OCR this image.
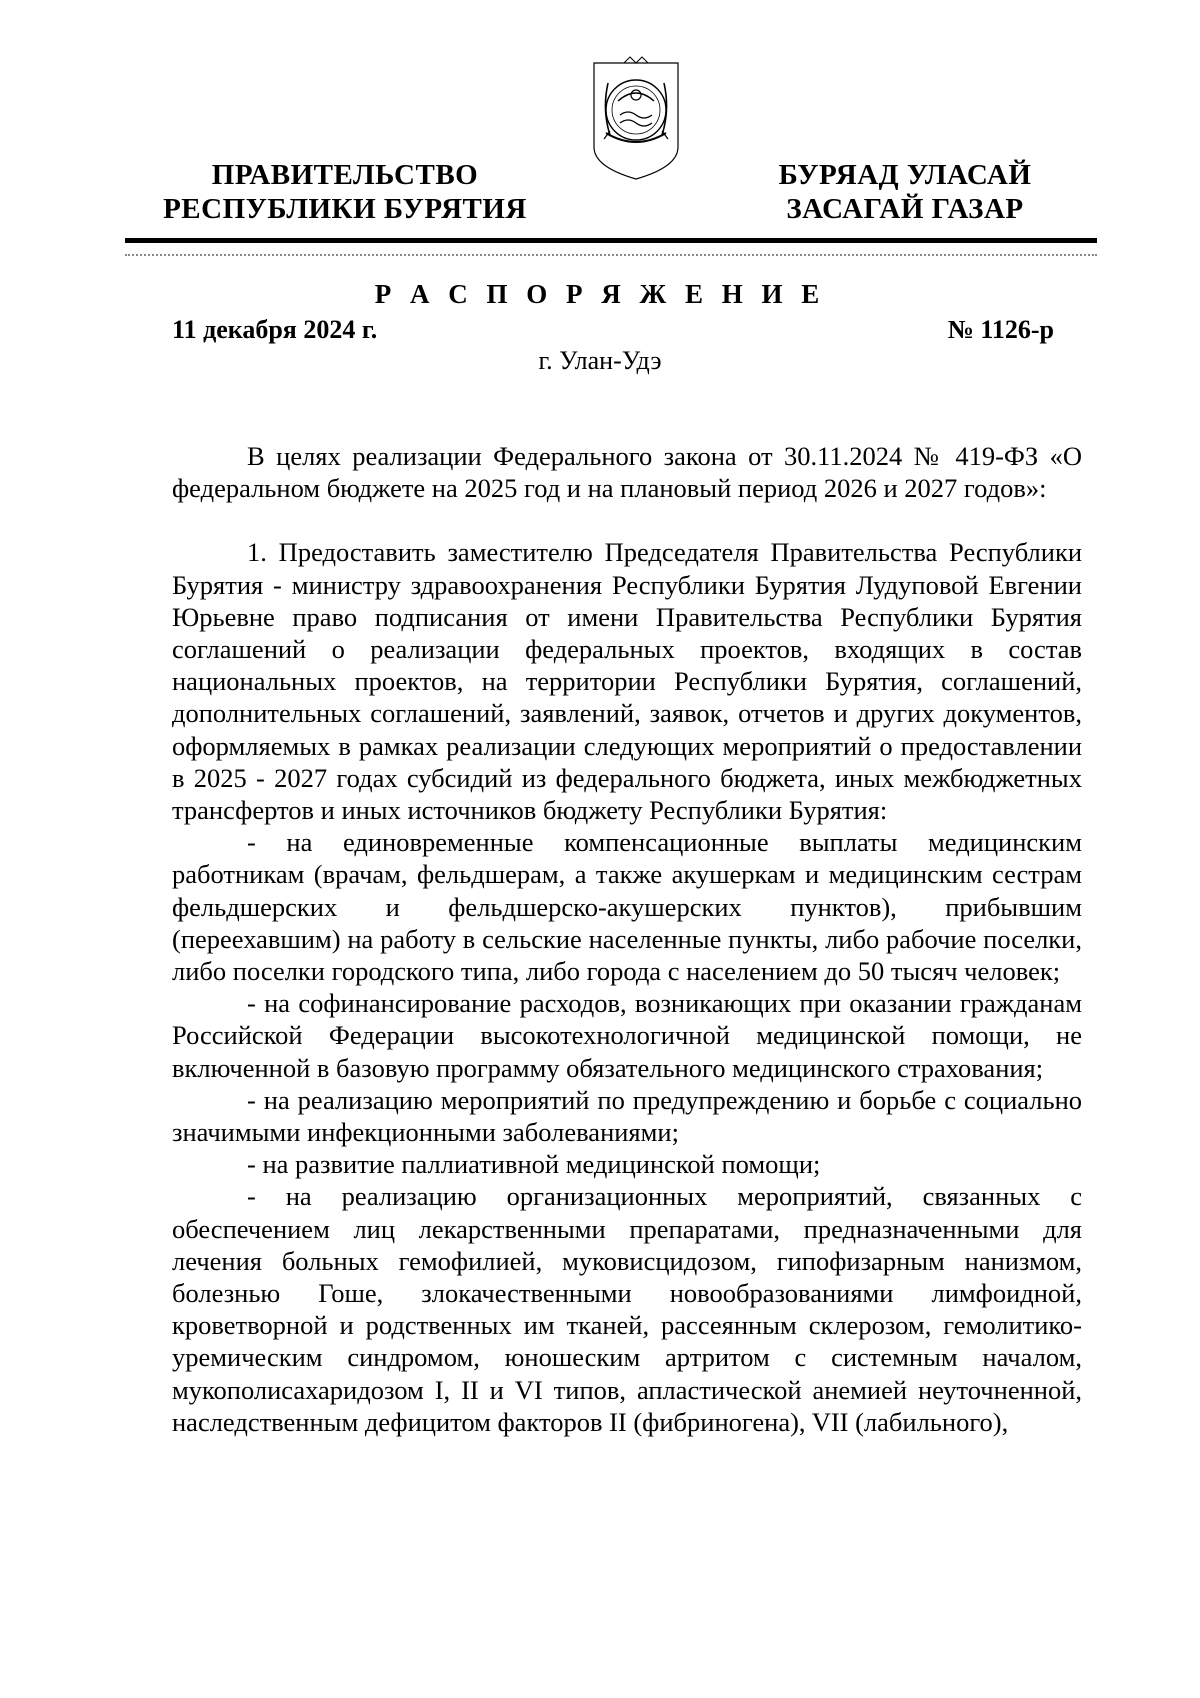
ПРАВИТЕЛЬСТВО
РЕСПУБЛИКИ БУРЯТИЯ
БУРЯАД УЛАСАЙ
ЗАСАГАЙ ГАЗАР
Р А С П О Р Я Ж Е Н И Е
11 декабря 2024 г.	№ 1126-р
г. Улан-Удэ

В целях реализации Федерального закона от 30.11.2024 № 419-ФЗ «О федеральном бюджете на 2025 год и на плановый период 2026 и 2027 годов»:

1. Предоставить заместителю Председателя Правительства Республики Бурятия - министру здравоохранения Республики Бурятия Лудуповой Евгении Юрьевне право подписания от имени Правительства Республики Бурятия соглашений о реализации федеральных проектов, входящих в состав национальных проектов, на территории Республики Бурятия, соглашений, дополнительных соглашений, заявлений, заявок, отчетов и других документов, оформляемых в рамках реализации следующих мероприятий о предоставлении в 2025 - 2027 годах субсидий из федерального бюджета, иных межбюджетных трансфертов и иных источников бюджету Республики Бурятия:

- на единовременные компенсационные выплаты медицинским работникам (врачам, фельдшерам, а также акушеркам и медицинским сестрам фельдшерских и фельдшерско-акушерских пунктов), прибывшим (переехавшим) на работу в сельские населенные пункты, либо рабочие поселки, либо поселки городского типа, либо города с населением до 50 тысяч человек;

- на софинансирование расходов, возникающих при оказании гражданам Российской Федерации высокотехнологичной медицинской помощи, не включенной в базовую программу обязательного медицинского страхования;

- на реализацию мероприятий по предупреждению и борьбе с социально значимыми инфекционными заболеваниями;

- на развитие паллиативной медицинской помощи;

- на реализацию организационных мероприятий, связанных с обеспечением лиц лекарственными препаратами, предназначенными для лечения больных гемофилией, муковисцидозом, гипофизарным нанизмом, болезнью Гоше, злокачественными новообразованиями лимфоидной, кроветворной и родственных им тканей, рассеянным склерозом, гемолитико-уремическим синдромом, юношеским артритом с системным началом, мукополисахаридозом I, II и VI типов, апластической анемией неуточненной, наследственным дефицитом факторов II (фибриногена), VII (лабильного),
